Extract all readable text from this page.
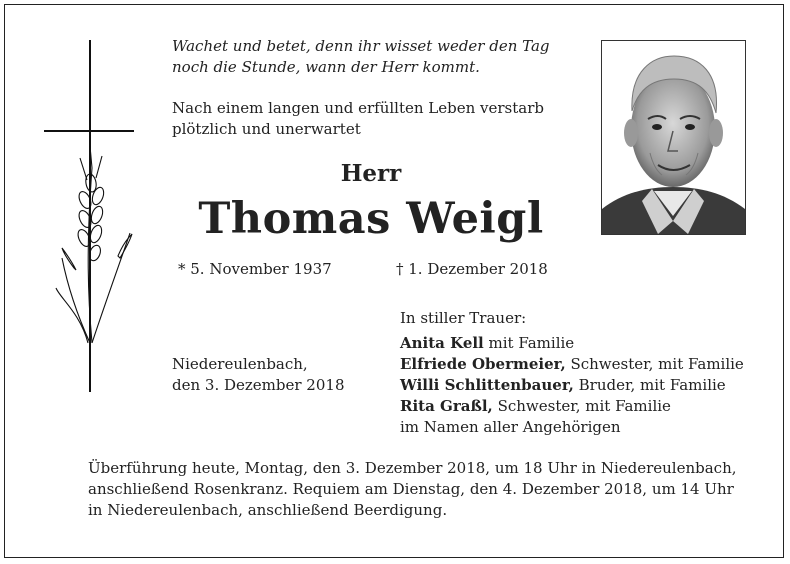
Wachet und betet, denn ihr wisset weder den Tag
noch die Stunde, wann der Herr kommt.
Nach einem langen und erfüllten Leben verstarb
plötzlich und unerwartet
Herr
Thomas Weigl
* 5. November 1937	† 1. Dezember 2018
In stiller Trauer:
Niedereulenbach,
den 3. Dezember 2018
Anita Kell mit Familie
Elfriede Obermeier, Schwester, mit Familie
Willi Schlittenbauer, Bruder, mit Familie
Rita Graßl, Schwester, mit Familie
im Namen aller Angehörigen
Überführung heute, Montag, den 3. Dezember 2018, um 18 Uhr in Niedereulenbach,
anschließend Rosenkranz. Requiem am Dienstag, den 4. Dezember 2018, um 14 Uhr
in Niedereulenbach, anschließend Beerdigung.
